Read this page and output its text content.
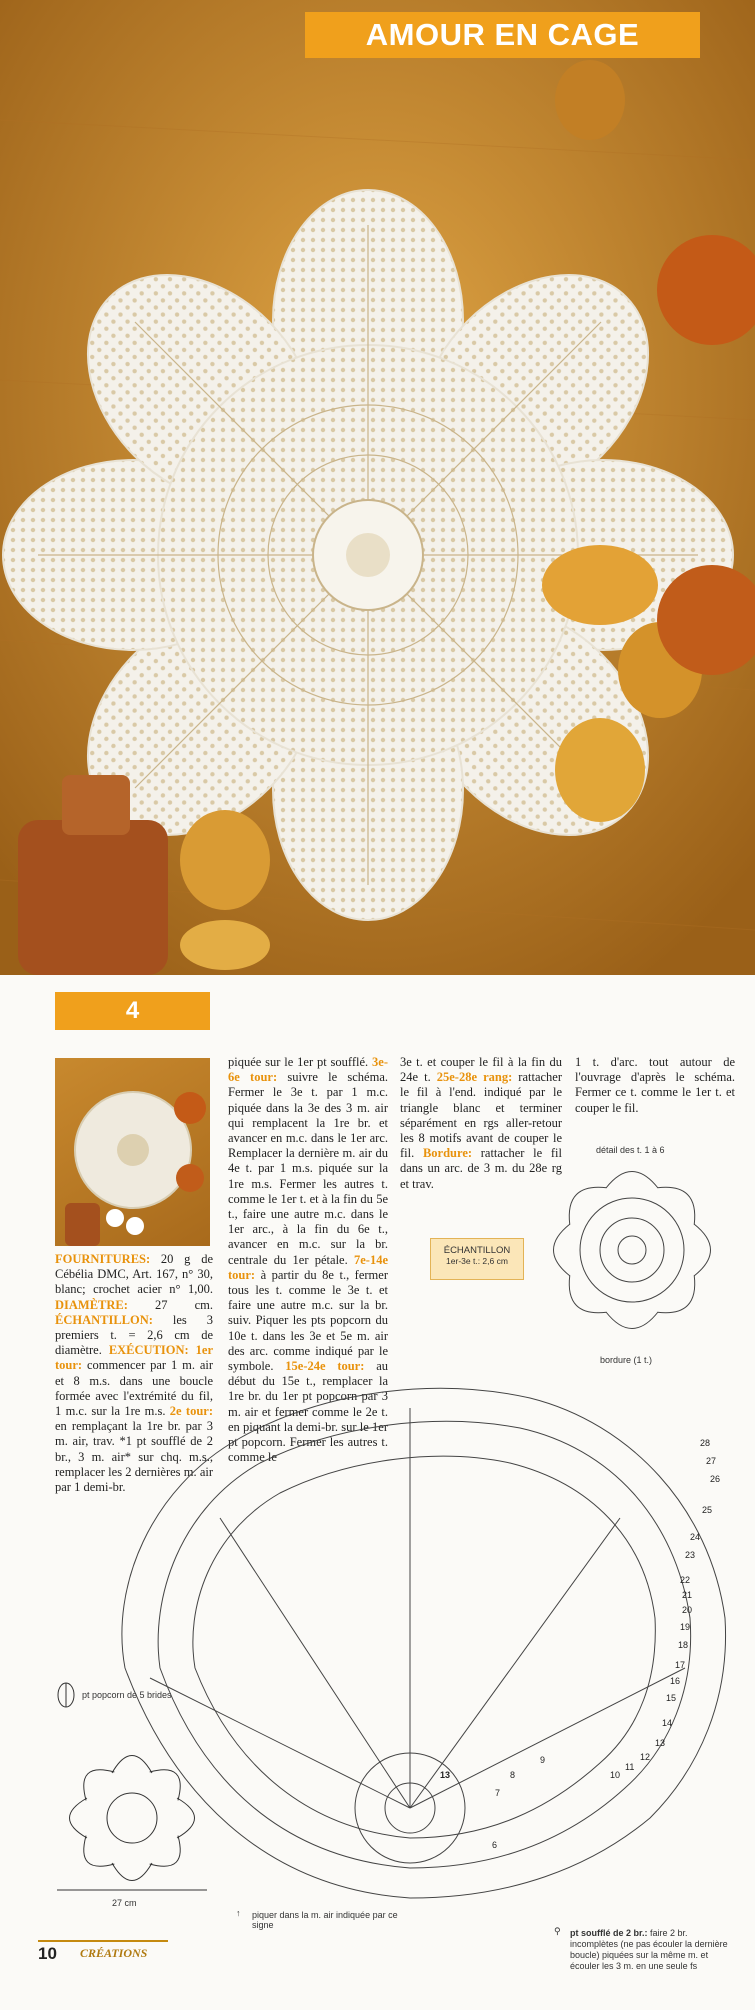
AMOUR EN CAGE
4

FOURNITURES: 20 g de Cébélia DMC, Art. 167, n° 30, blanc; crochet acier n° 1,00. DIAMÈTRE: 27 cm. ÉCHANTILLON: les 3 premiers t. = 2,6 cm de diamètre. EXÉCUTION: 1er tour: commencer par 1 m. air et 8 m.s. dans une boucle formée avec l'extrémité du fil, 1 m.c. sur la 1re m.s. 2e tour: en remplaçant la 1re br. par 3 m. air, trav. *1 pt soufflé de 2 br., 3 m. air* sur chq. m.s., remplacer les 2 dernières m. air par 1 demi-br.

piquée sur le 1er pt soufflé. 3e-6e tour: suivre le schéma. Fermer le 3e t. par 1 m.c. piquée dans la 3e des 3 m. air qui remplacent la 1re br. et avancer en m.c. dans le 1er arc. Remplacer la dernière m. air du 4e t. par 1 m.s. piquée sur la 1re m.s. Fermer les autres t. comme le 1er t. et à la fin du 5e t., faire une autre m.c. dans le 1er arc., à la fin du 6e t., avancer en m.c. sur la br. centrale du 1er pétale. 7e-14e tour: à partir du 8e t., fermer tous les t. comme le 3e t. et faire une autre m.c. sur la br. suiv. Piquer les pts popcorn du 10e t. dans les 3e et 5e m. air des arc. comme indiqué par le symbole. 15e-24e tour: au début du 15e t., remplacer la 1re br. du 1er pt popcorn par 3 m. air et fermer comme le 2e t. en piquant la demi-br. sur le 1er pt popcorn. Fermer les autres t. comme le

3e t. et couper le fil à la fin du 24e t. 25e-28e rang: rattacher le fil à l'end. indiqué par le triangle blanc et terminer séparément en rgs aller-retour les 8 motifs avant de couper le fil. Bordure: rattacher le fil dans un arc. de 3 m. du 28e rg et trav.

1 t. d'arc. tout autour de l'ouvrage d'après le schéma. Fermer ce t. comme le 1er t. et couper le fil.

ÉCHANTILLON
1er-3e t.: 2,6 cm
détail des t. 1 à 6
bordure (1 t.)
28
27
26
25
24
23
22
21
20
19
18
17
16
15
14
13
12
11
10
9
8
7
6
13
pt popcorn de 5 brides
27 cm
↑ piquer dans la m. air indiquée par ce signe
⚲ pt soufflé de 2 br.: faire 2 br. incomplètes (ne pas écouler la dernière boucle) piquées sur la même m. et écouler les 3 m. en une seule fs
10 CRÉATIONS
